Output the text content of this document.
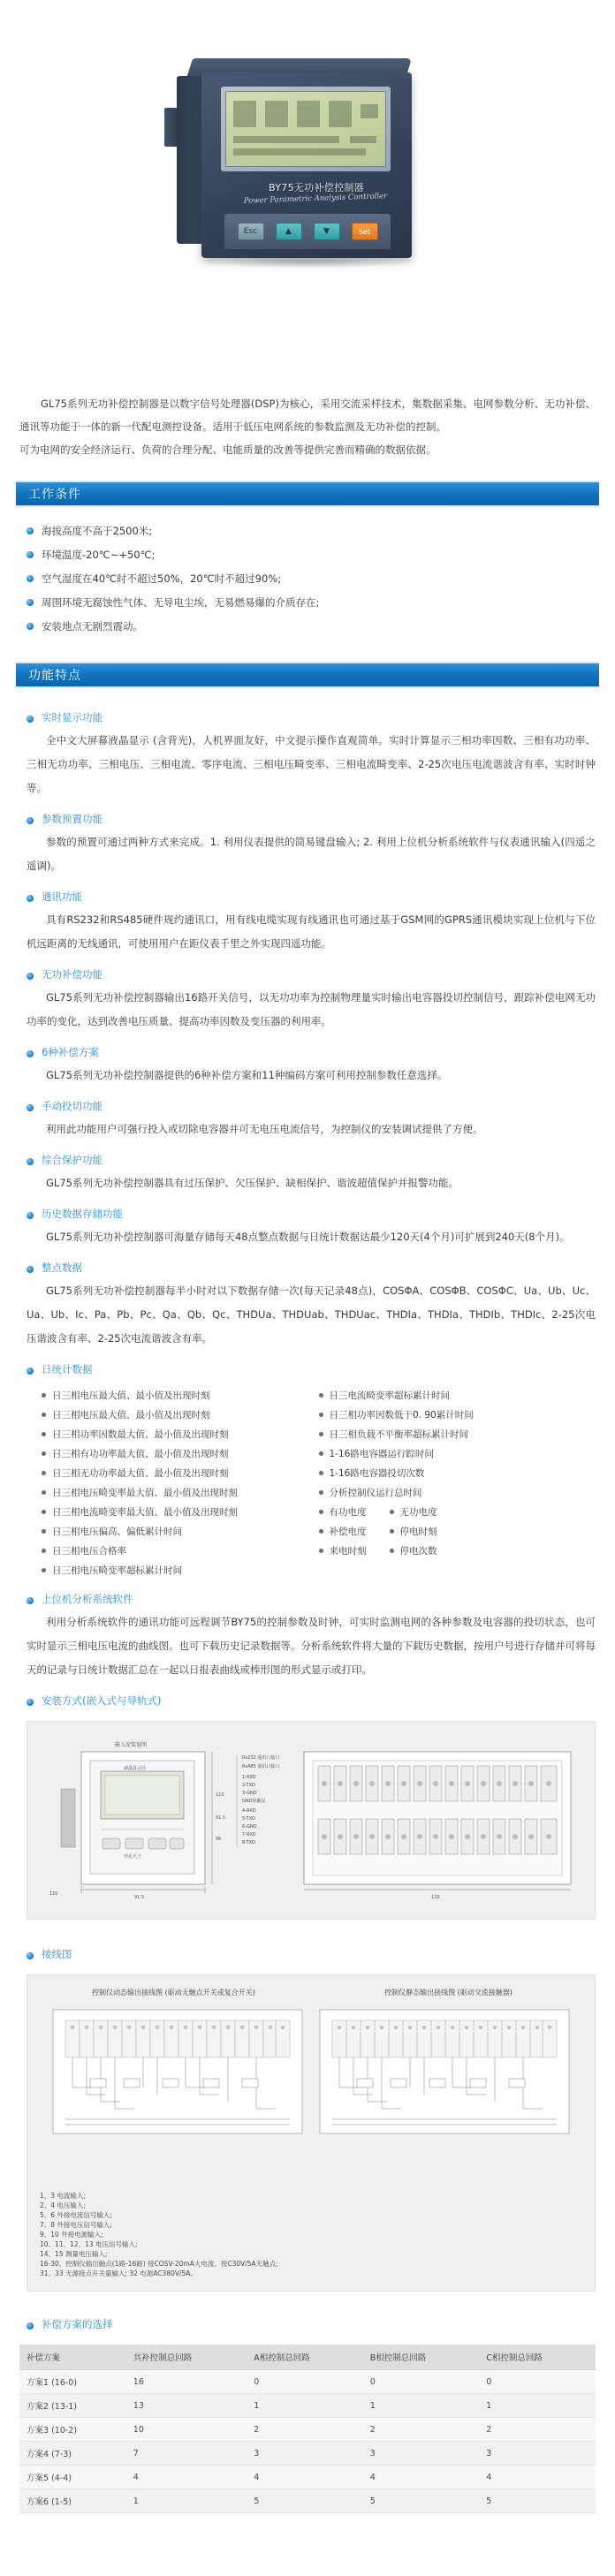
BY75无功补偿控制器
Power Parametric Analysis Controller
Esc	▲	▼	Set

GL75系列无功补偿控制器是以数字信号处理器(DSP)为核心，采用交流采样技术，集数据采集、电网参数分析、无功补偿、通讯等功能于一体的新一代配电测控设备。适用于低压电网系统的参数监测及无功补偿的控制。

可为电网的安全经济运行、负荷的合理分配、电能质量的改善等提供完善而精确的数据依据。

工作条件
海拔高度不高于2500米;
环境温度-20℃~+50℃;
空气湿度在40℃时不超过50%，20℃时不超过90%;
周围环境无腐蚀性气体、无导电尘埃，无易燃易爆的介质存在;
安装地点无剧烈震动。
功能特点
实时显示功能
全中文大屏幕液晶显示 (含背光)，人机界面友好，中文提示操作直观简单。实时计算显示三相功率因数、三相有功功率、三相无功功率、三相电压、三相电流、零序电流、三相电压畸变率、三相电流畸变率、2-25次电压电流谐波含有率、实时时钟等。
参数预置功能
参数的预置可通过两种方式来完成。1. 利用仪表提供的简易键盘输入; 2. 利用上位机分析系统软件与仪表通讯输入(四遥之遥调)。
通讯功能
具有RS232和RS485硬件规约通讯口，用有线电缆实现有线通讯也可通过基于GSM网的GPRS通讯模块实现上位机与下位机远距离的无线通讯，可使用用户在距仪表千里之外实现四遥功能。
无功补偿功能
GL75系列无功补偿控制器输出16路开关信号，以无功功率为控制物理量实时输出电容器投切控制信号，跟踪补偿电网无功功率的变化，达到改善电压质量、提高功率因数及变压器的利用率。
6种补偿方案
GL75系列无功补偿控制器提供的6种补偿方案和11种编码方案可利用控制参数任意选择。
手动投切功能
利用此功能用户可强行投入或切除电容器并可无电压电流信号，为控制仪的安装调试提供了方便。
综合保护功能
GL75系列无功补偿控制器具有过压保护、欠压保护、缺相保护、谐波超值保护并报警功能。
历史数据存储功能
GL75系列无功补偿控制器可海量存储每天48点整点数据与日统计数据达最少120天(4个月)可扩展到240天(8个月)。
整点数据
GL75系列无功补偿控制器每半小时对以下数据存储一次(每天记录48点)，COSΦA、COSΦB、COSΦC、Ua、Ub、Uc、Ua、Ub、Ic、Pa、Pb、Pc、Qa、Qb、Qc、THDUa、THDUab、THDUac、THDIa、THDIa、THDIb、THDIc、2-25次电压谐波含有率、2-25次电流谐波含有率。
日统计数据
日三相电压最大值、最小值及出现时刻
日三相电压最大值、最小值及出现时刻
日三相功率因数最大值、最小值及出现时刻
日三相有功功率最大值、最小值及出现时刻
日三相无功功率最大值、最小值及出现时刻
日三相电压畸变率最大值、最小值及出现时刻
日三相电流畸变率最大值、最小值及出现时刻
日三相电压偏高、偏低累计时间
日三相电压合格率
日三相电压畸变率超标累计时间
日三电流畸变率超标累计时间
日三相功率因数低于0. 90累计时间
日三相负载不平衡率超标累计时间
1-16路电容器运行踪时间
1-16路电容器投切次数
分析控制仪运行总时间
有功电度	无功电度
补偿电度	停电时刻
来电时刻	停电次数
上位机分析系统软件
利用分析系统软件的通讯功能可远程调节BY75的控制参数及时钟，可实时监测电网的各种参数及电容器的投切状态，也可实时显示三相电压电流的曲线图。也可下载历史记录数据等。分析系统软件将大量的下载历史数据，按用户号进行存储并可将每天的记录与日统计数据汇总在一起以日报表曲线或棒形图的形式显示或打印。
安装方式(嵌入式与导轨式)
嵌入安装说明
120
91.5
91.5
110
96
液晶显示区
开孔尺寸
Rs232 通讯口接口
Rs485 通讯口接口
1-RXD
2-TXD
3-GND
GND屏蔽层
4-RXD
5-TXD
6-GND
7-RXD
8-TXD
120
接线图
控制仪动态输出接线图 (驱动无触点开关或复合开关)	控制仪静态输出接线图 (驱动交流接触器)
1、3 电流输入;
2、4 电压输入;
5、6 外接电流信号输入;
7、8 外接电压信号输入;
9、10 外接电源输入;
10、11、12、13 电压信号输入;
14、15 测量电压输入;
16-30、控制仪输出触点(1路-16路) 接COSV-20mA大电流、接C30V/5A无触点;
31、33 无源接点开关量输入; 32 电源AC380V/5A。
补偿方案的选择
补偿方案	共补控制总回路	A相控制总回路	B相控制总回路	C相控制总回路
方案1 (16-0)	16	0	0	0
方案2 (13-1)	13	1	1	1
方案3 (10-2)	10	2	2	2
方案4 (7-3)	7	3	3	3
方案5 (4-4)	4	4	4	4
方案6 (1-5)	1	5	5	5
